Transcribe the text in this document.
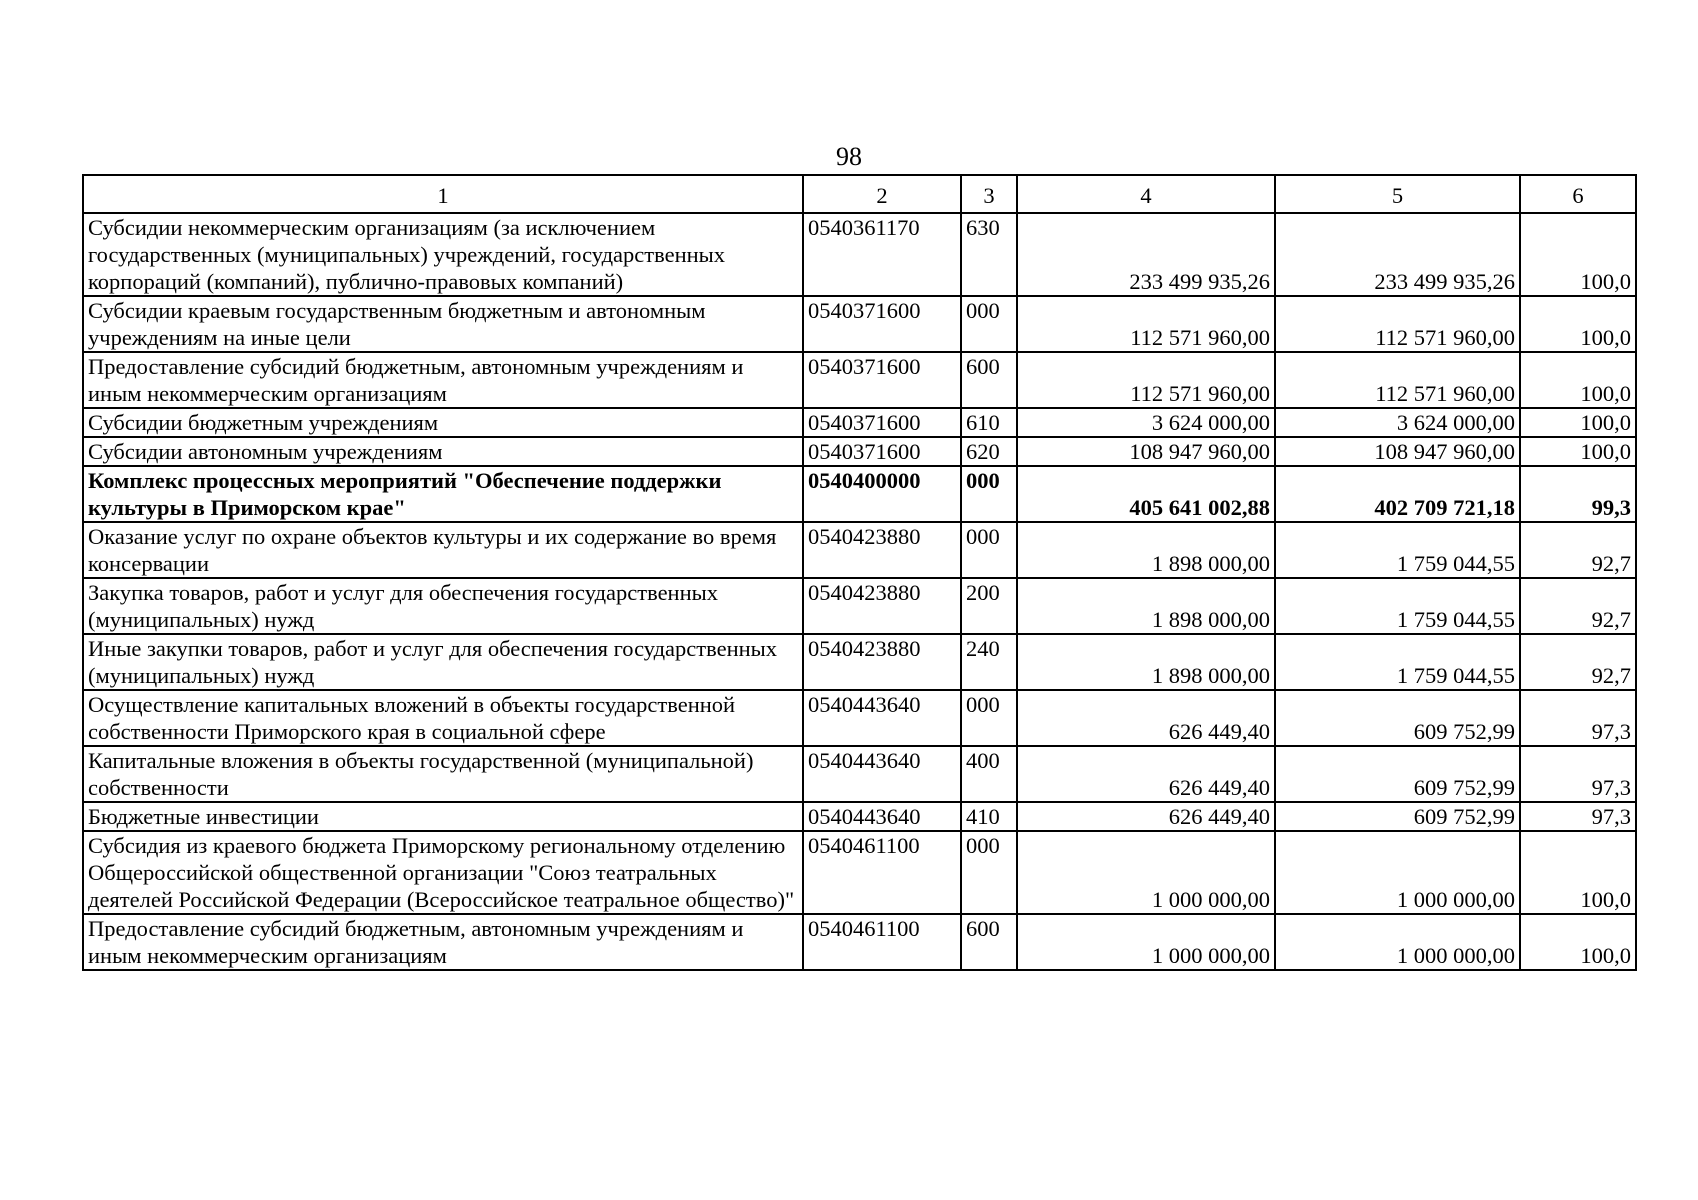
98
1	2	3	4	5	6
Субсидии некоммерческим организациям (за исключением государственных (муниципальных) учреждений, государственных корпораций (компаний), публично-правовых компаний)	0540361170	630	233 499 935,26	233 499 935,26	100,0
Субсидии краевым государственным бюджетным и автономным учреждениям на иные цели	0540371600	000	112 571 960,00	112 571 960,00	100,0
Предоставление субсидий бюджетным, автономным учреждениям и иным некоммерческим организациям	0540371600	600	112 571 960,00	112 571 960,00	100,0
Субсидии бюджетным учреждениям	0540371600	610	3 624 000,00	3 624 000,00	100,0
Субсидии автономным учреждениям	0540371600	620	108 947 960,00	108 947 960,00	100,0
Комплекс процессных мероприятий "Обеспечение поддержки культуры в Приморском крае"	0540400000	000	405 641 002,88	402 709 721,18	99,3
Оказание услуг по охране объектов культуры и их содержание во время консервации	0540423880	000	1 898 000,00	1 759 044,55	92,7
Закупка товаров, работ и услуг для обеспечения государственных (муниципальных) нужд	0540423880	200	1 898 000,00	1 759 044,55	92,7
Иные закупки товаров, работ и услуг для обеспечения государственных (муниципальных) нужд	0540423880	240	1 898 000,00	1 759 044,55	92,7
Осуществление капитальных вложений в объекты государственной собственности Приморского края в социальной сфере	0540443640	000	626 449,40	609 752,99	97,3
Капитальные вложения в объекты государственной (муниципальной) собственности	0540443640	400	626 449,40	609 752,99	97,3
Бюджетные инвестиции	0540443640	410	626 449,40	609 752,99	97,3
Субсидия из краевого бюджета Приморскому региональному отделению Общероссийской общественной организации "Союз театральных деятелей Российской Федерации (Всероссийское театральное общество)"	0540461100	000	1 000 000,00	1 000 000,00	100,0
Предоставление субсидий бюджетным, автономным учреждениям и иным некоммерческим организациям	0540461100	600	1 000 000,00	1 000 000,00	100,0
